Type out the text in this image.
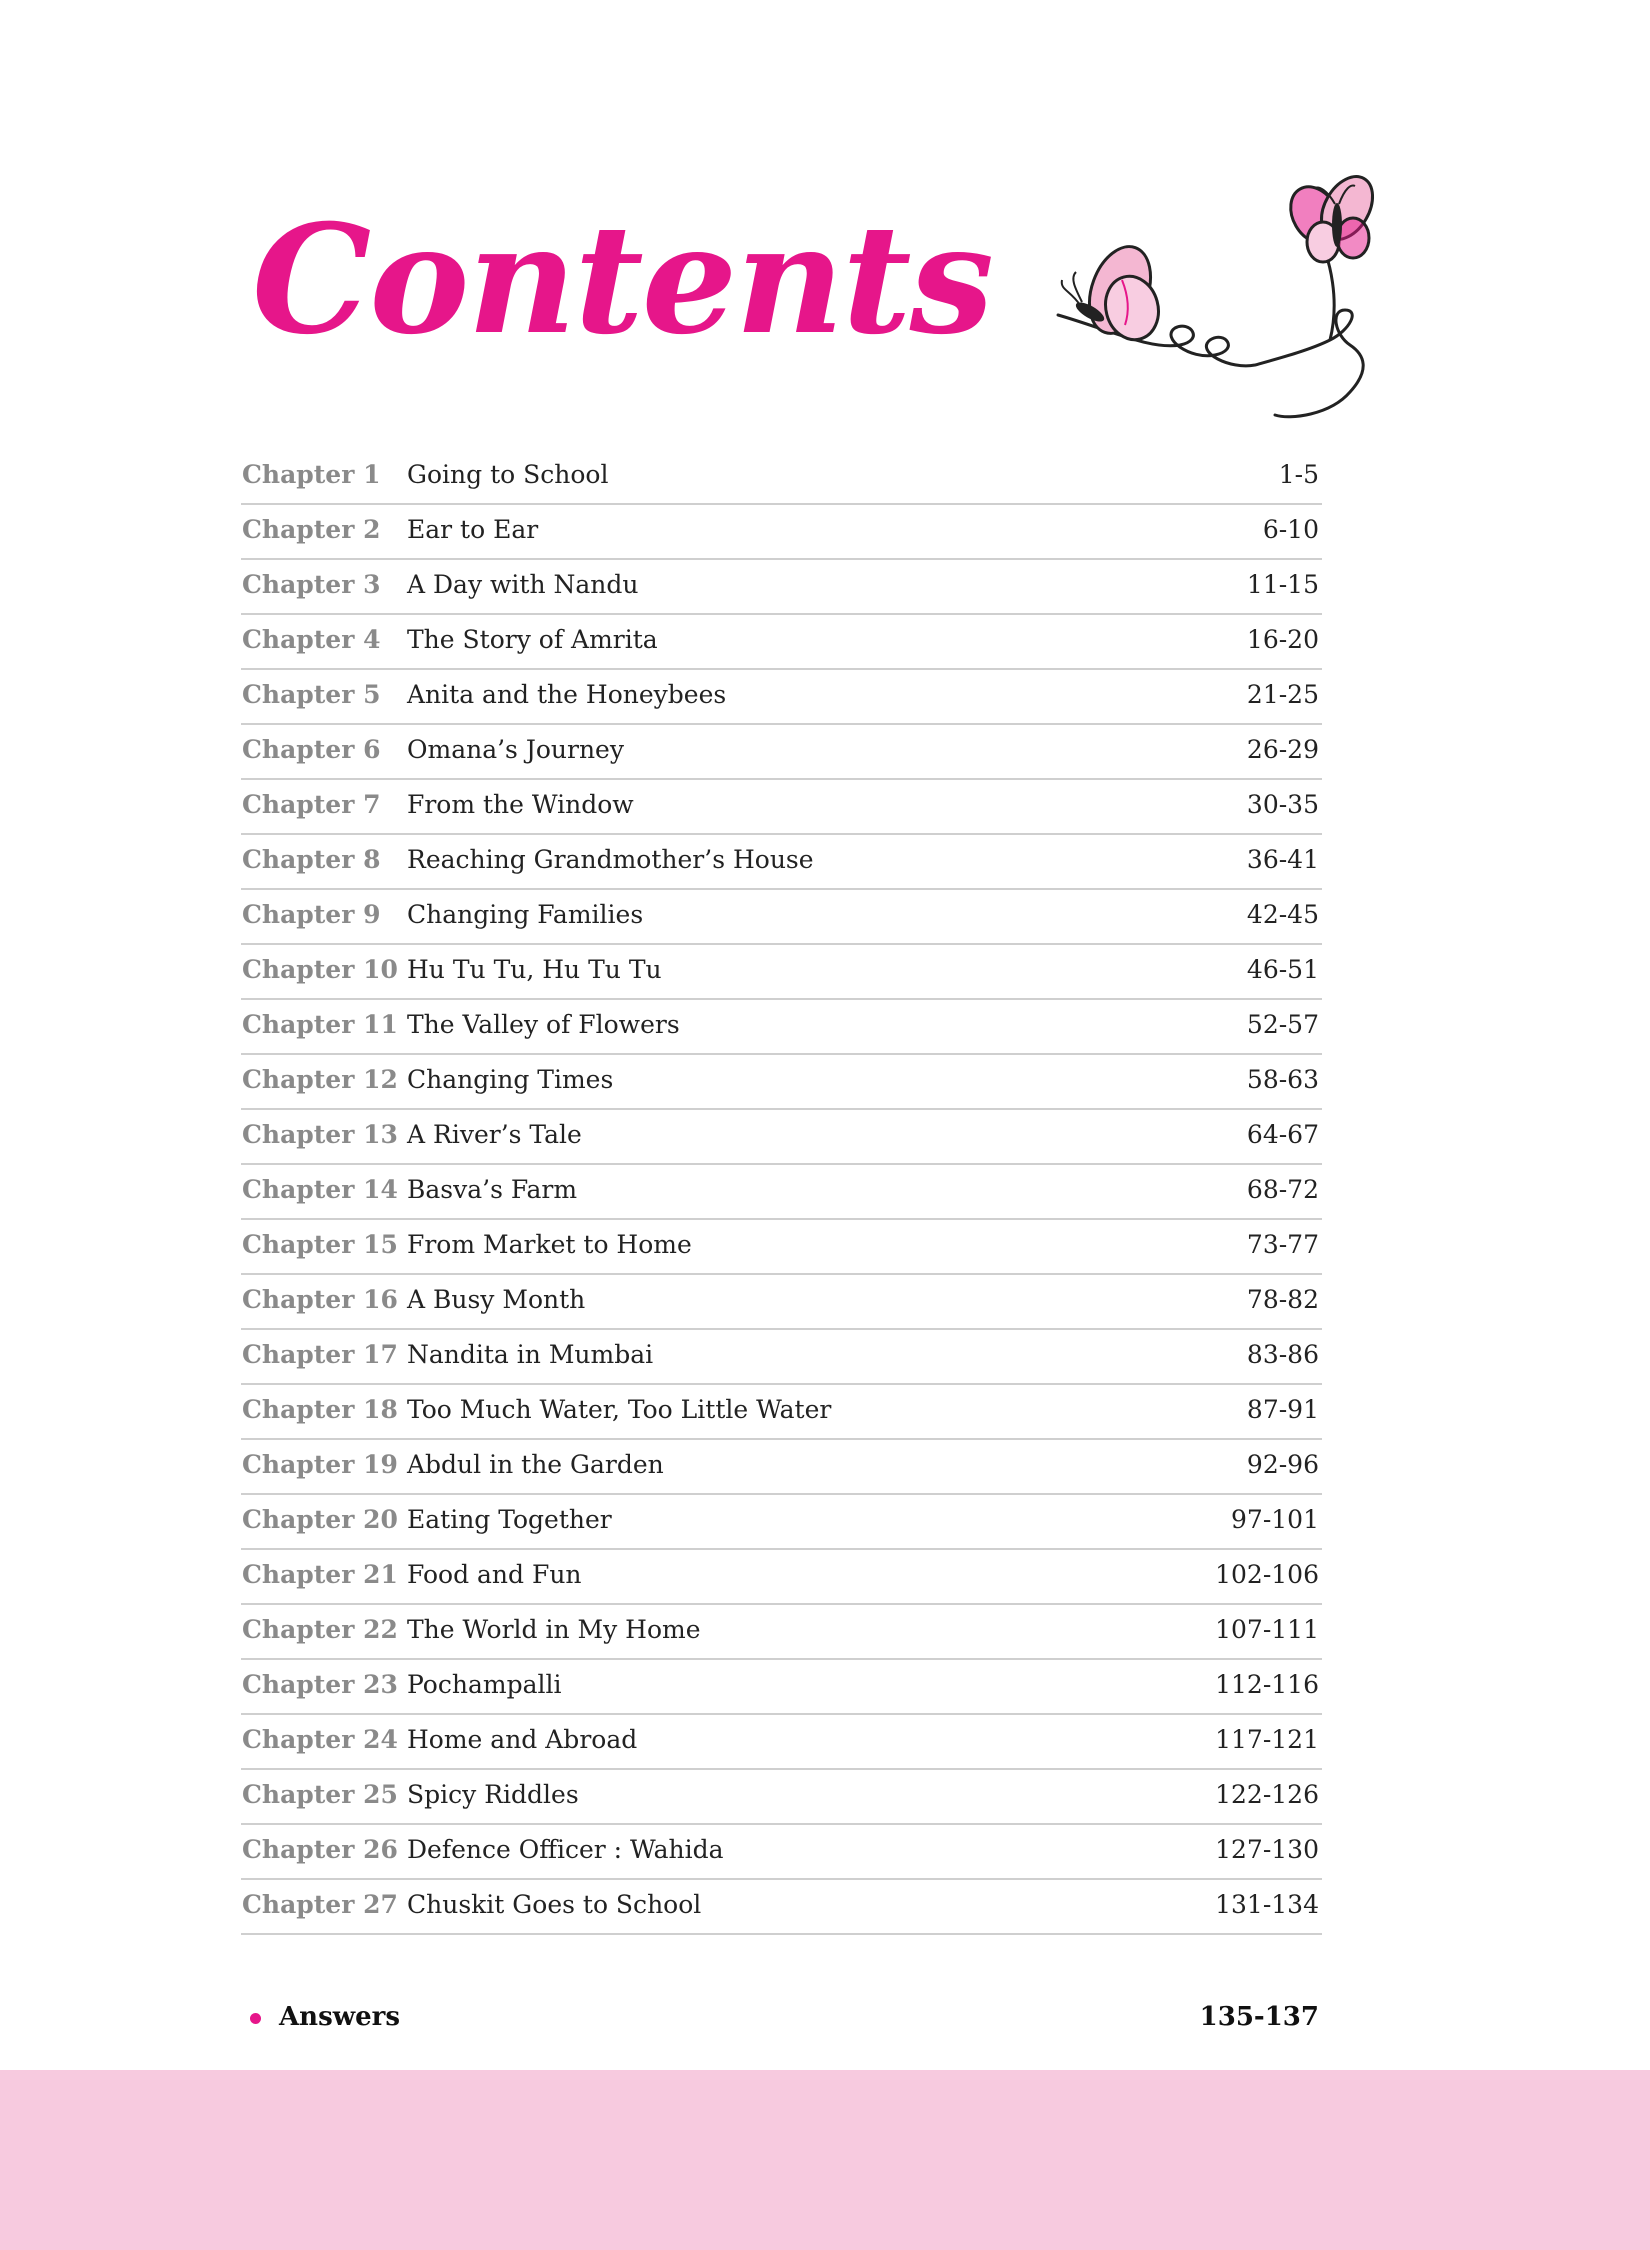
Contents
Chapter 1 Going to School	1-5
Chapter 2 Ear to Ear	6-10
Chapter 3 A Day with Nandu	11-15
Chapter 4 The Story of Amrita	16-20
Chapter 5 Anita and the Honeybees	21-25
Chapter 6 Omana’s Journey	26-29
Chapter 7 From the Window	30-35
Chapter 8 Reaching Grandmother’s House	36-41
Chapter 9 Changing Families	42-45
Chapter 10 Hu Tu Tu, Hu Tu Tu	46-51
Chapter 11 The Valley of Flowers	52-57
Chapter 12 Changing Times	58-63
Chapter 13 A River’s Tale	64-67
Chapter 14 Basva’s Farm	68-72
Chapter 15 From Market to Home	73-77
Chapter 16 A Busy Month	78-82
Chapter 17 Nandita in Mumbai	83-86
Chapter 18 Too Much Water, Too Little Water	87-91
Chapter 19 Abdul in the Garden	92-96
Chapter 20 Eating Together	97-101
Chapter 21 Food and Fun	102-106
Chapter 22 The World in My Home	107-111
Chapter 23 Pochampalli	112-116
Chapter 24 Home and Abroad	117-121
Chapter 25 Spicy Riddles	122-126
Chapter 26 Defence Officer : Wahida	127-130
Chapter 27 Chuskit Goes to School	131-134
Answers	135-137
